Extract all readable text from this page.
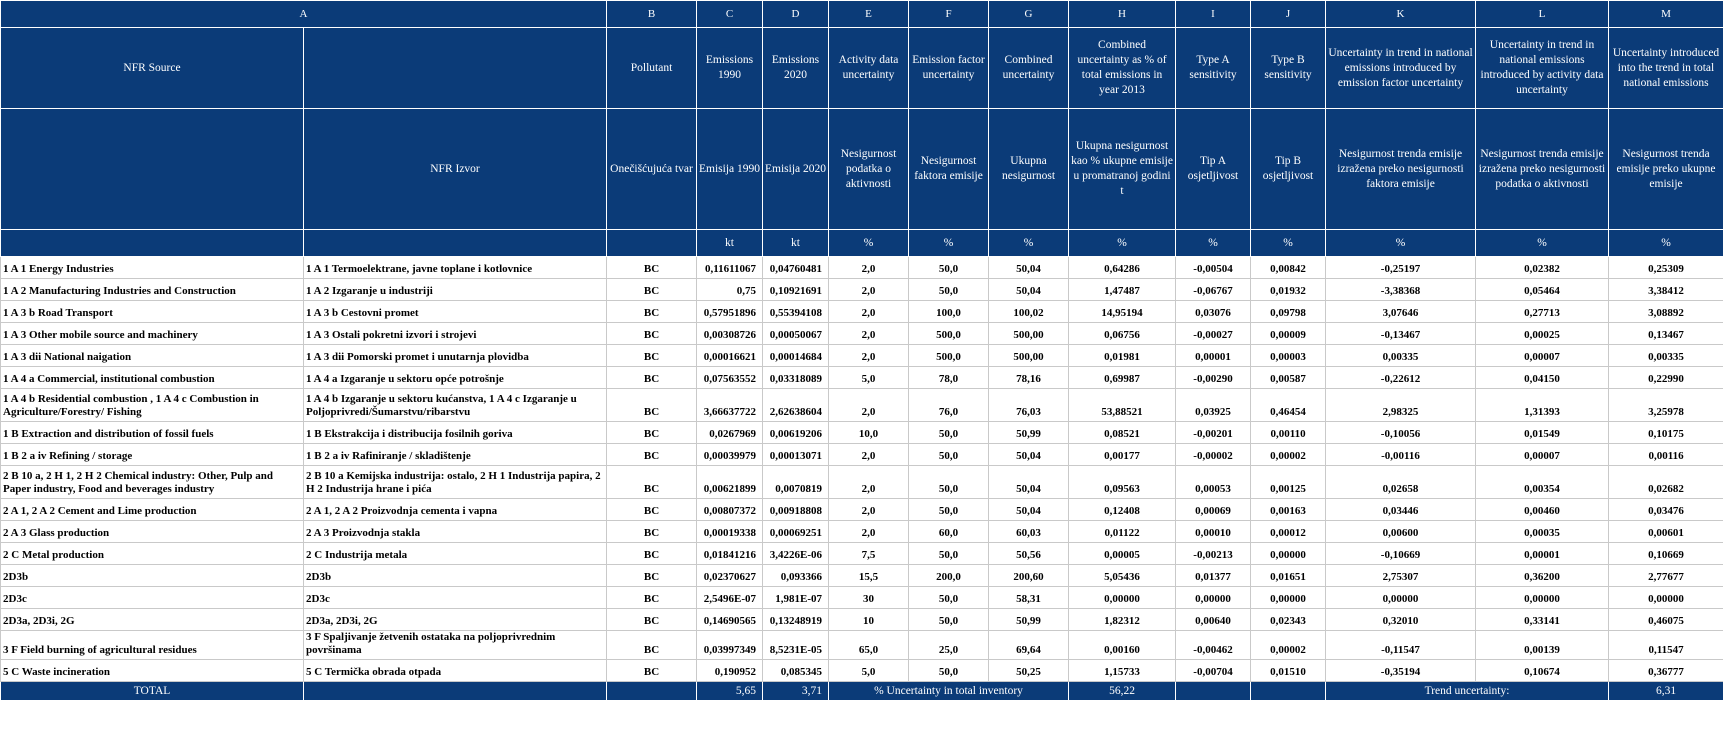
A		B	C	D	E	F	G	H	I	J	K	L	M
NFR Source		Pollutant	Emissions 1990	Emissions 2020	Activity data uncertainty	Emission factor uncertainty	Combined uncertainty	Combined uncertainty as % of total emissions in year 2013	Type A sensitivity	Type B sensitivity	Uncertainty in trend in national emissions introduced by emission factor uncertainty	Uncertainty in trend in national emissions introduced by activity data uncertainty	Uncertainty introduced into the trend in total national emissions
	NFR Izvor	Onečišćujuća tvar	Emisija 1990	Emisija 2020	Nesigurnost podatka o aktivnosti	Nesigurnost faktora emisije	Ukupna nesigurnost	Ukupna nesigurnost kao % ukupne emisije u promatranoj godini t	Tip A osjetljivost	Tip B osjetljivost	Nesigurnost trenda emisije izražena preko nesigurnosti faktora emisije	Nesigurnost trenda emisije izražena preko nesigurnosti podatka o aktivnosti	Nesigurnost trenda emisije preko ukupne emisije
			kt	kt	%	%	%	%	%	%	%	%	%
1 A 1 Energy Industries	1 A 1 Termoelektrane, javne toplane i kotlovnice	BC	0,11611067	0,04760481	2,0	50,0	50,04	0,64286	-0,00504	0,00842	-0,25197	0,02382	0,25309
1 A 2 Manufacturing Industries and Construction	1 A 2 Izgaranje u industriji	BC	0,75	0,10921691	2,0	50,0	50,04	1,47487	-0,06767	0,01932	-3,38368	0,05464	3,38412
1 A 3 b Road Transport	1 A 3 b Cestovni promet	BC	0,57951896	0,55394108	2,0	100,0	100,02	14,95194	0,03076	0,09798	3,07646	0,27713	3,08892
1 A 3 Other mobile source and machinery	1 A 3 Ostali pokretni izvori i strojevi	BC	0,00308726	0,00050067	2,0	500,0	500,00	0,06756	-0,00027	0,00009	-0,13467	0,00025	0,13467
1 A 3 dii National naigation	1 A 3 dii Pomorski promet i unutarnja plovidba	BC	0,00016621	0,00014684	2,0	500,0	500,00	0,01981	0,00001	0,00003	0,00335	0,00007	0,00335
1 A 4 a Commercial, institutional combustion	1 A 4 a Izgaranje u sektoru opće potrošnje	BC	0,07563552	0,03318089	5,0	78,0	78,16	0,69987	-0,00290	0,00587	-0,22612	0,04150	0,22990
1 A 4 b Residential combustion , 1 A 4 c Combustion in Agriculture/Forestry/ Fishing	1 A 4 b Izgaranje u sektoru kućanstva, 1 A 4 c Izgaranje u Poljoprivredi/Šumarstvu/ribarstvu	BC	3,66637722	2,62638604	2,0	76,0	76,03	53,88521	0,03925	0,46454	2,98325	1,31393	3,25978
1 B Extraction and distribution of fossil fuels	1 B Ekstrakcija i distribucija fosilnih goriva	BC	0,0267969	0,00619206	10,0	50,0	50,99	0,08521	-0,00201	0,00110	-0,10056	0,01549	0,10175
1 B 2 a iv Refining / storage	1 B 2 a iv Rafiniranje / skladištenje	BC	0,00039979	0,00013071	2,0	50,0	50,04	0,00177	-0,00002	0,00002	-0,00116	0,00007	0,00116
2 B 10 a, 2 H 1, 2 H 2 Chemical industry: Other, Pulp and Paper industry, Food and beverages industry	2 B 10 a Kemijska industrija: ostalo, 2 H 1 Industrija papira, 2 H 2 Industrija hrane i pića	BC	0,00621899	0,0070819	2,0	50,0	50,04	0,09563	0,00053	0,00125	0,02658	0,00354	0,02682
2 A 1, 2 A 2 Cement and Lime production	2 A 1, 2 A 2 Proizvodnja cementa i vapna	BC	0,00807372	0,00918808	2,0	50,0	50,04	0,12408	0,00069	0,00163	0,03446	0,00460	0,03476
2 A 3 Glass production	2 A 3 Proizvodnja stakla	BC	0,00019338	0,00069251	2,0	60,0	60,03	0,01122	0,00010	0,00012	0,00600	0,00035	0,00601
2 C Metal production	2 C Industrija metala	BC	0,01841216	3,4226E-06	7,5	50,0	50,56	0,00005	-0,00213	0,00000	-0,10669	0,00001	0,10669
2D3b	2D3b	BC	0,02370627	0,093366	15,5	200,0	200,60	5,05436	0,01377	0,01651	2,75307	0,36200	2,77677
2D3c	2D3c	BC	2,5496E-07	1,981E-07	30	50,0	58,31	0,00000	0,00000	0,00000	0,00000	0,00000	0,00000
2D3a, 2D3i, 2G	2D3a, 2D3i, 2G	BC	0,14690565	0,13248919	10	50,0	50,99	1,82312	0,00640	0,02343	0,32010	0,33141	0,46075
3 F Field burning of agricultural residues	3 F Spaljivanje žetvenih ostataka na poljoprivrednim površinama	BC	0,03997349	8,5231E-05	65,0	25,0	69,64	0,00160	-0,00462	0,00002	-0,11547	0,00139	0,11547
5 C Waste incineration	5 C Termička obrada otpada	BC	0,190952	0,085345	5,0	50,0	50,25	1,15733	-0,00704	0,01510	-0,35194	0,10674	0,36777
TOTAL			5,65	3,71	% Uncertainty in total inventory			56,22			Trend uncertainty:		6,31
